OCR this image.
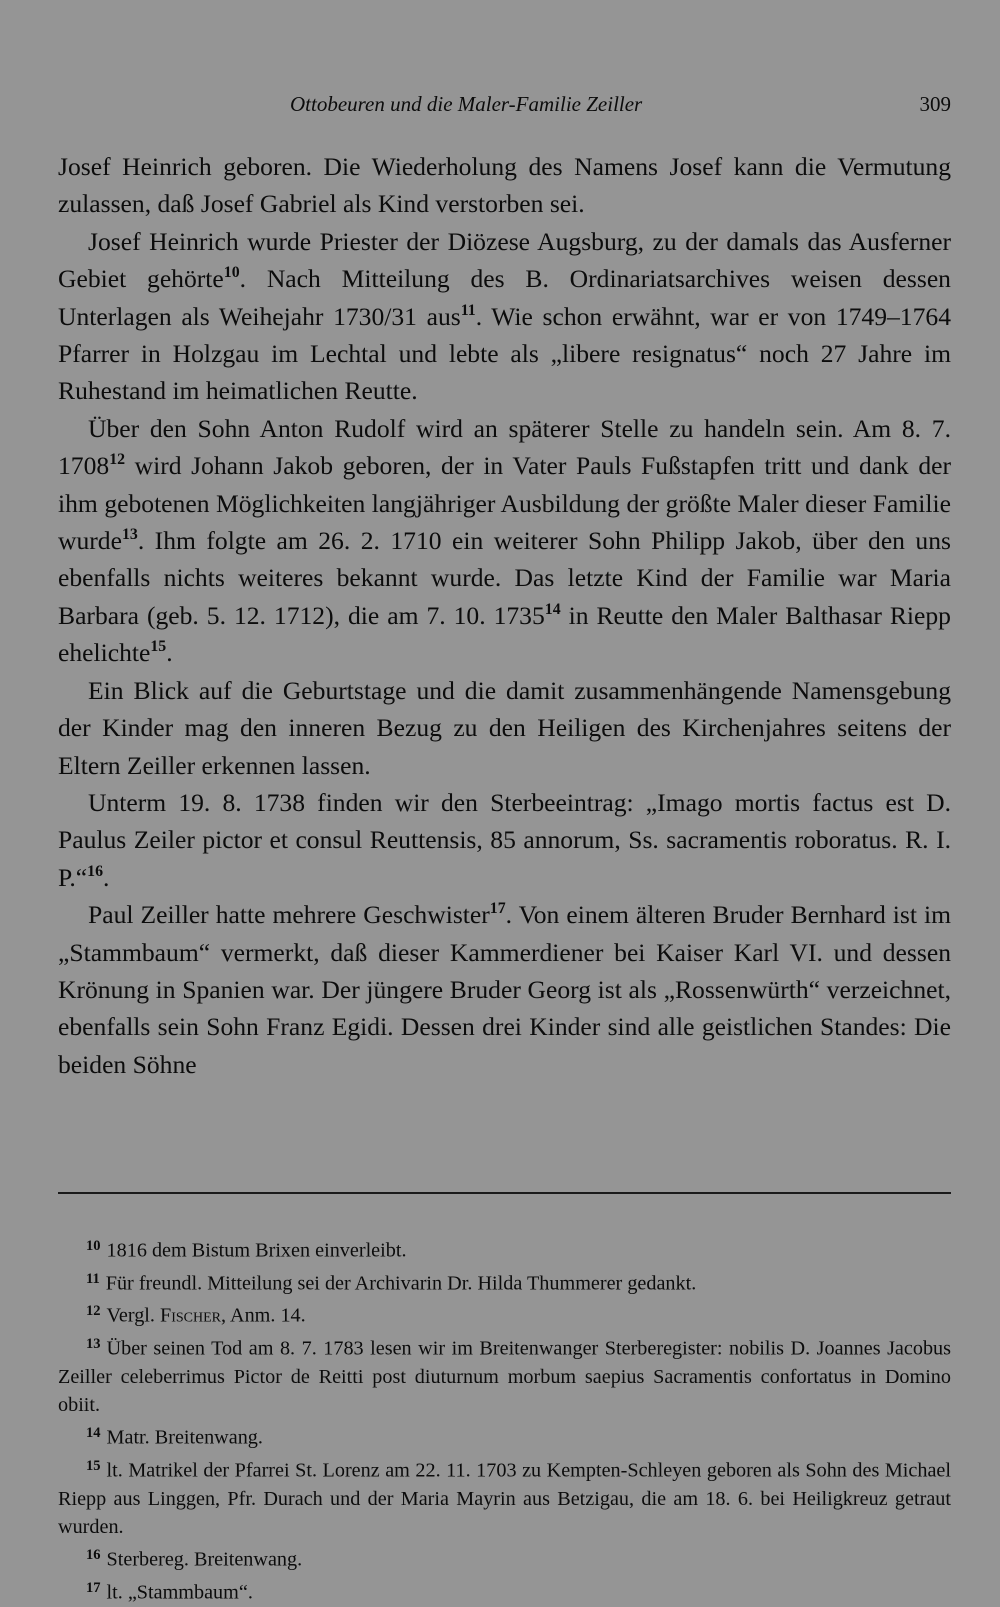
Ottobeuren und die Maler-Familie Zeiller	309

Josef Heinrich geboren. Die Wiederholung des Namens Josef kann die Vermutung zulassen, daß Josef Gabriel als Kind verstorben sei.

Josef Heinrich wurde Priester der Diözese Augsburg, zu der damals das Ausferner Gebiet gehörte$^{10}$. Nach Mitteilung des B. Ordinariatsarchives weisen dessen Unterlagen als Weihejahr 1730/31 aus$^{11}$. Wie schon erwähnt, war er von 1749–1764 Pfarrer in Holzgau im Lechtal und lebte als „libere resignatus“ noch 27 Jahre im Ruhestand im heimatlichen Reutte.

Über den Sohn Anton Rudolf wird an späterer Stelle zu handeln sein. Am 8. 7. 1708$^{12}$ wird Johann Jakob geboren, der in Vater Pauls Fußstapfen tritt und dank der ihm gebotenen Möglichkeiten langjähriger Ausbildung der größte Maler dieser Familie wurde$^{13}$. Ihm folgte am 26. 2. 1710 ein weiterer Sohn Philipp Jakob, über den uns ebenfalls nichts weiteres bekannt wurde. Das letzte Kind der Familie war Maria Barbara (geb. 5. 12. 1712), die am 7. 10. 1735$^{14}$ in Reutte den Maler Balthasar Riepp ehelichte$^{15}$.

Ein Blick auf die Geburtstage und die damit zusammenhängende Namensgebung der Kinder mag den inneren Bezug zu den Heiligen des Kirchenjahres seitens der Eltern Zeiller erkennen lassen.

Unterm 19. 8. 1738 finden wir den Sterbeeintrag: „Imago mortis factus est D. Paulus Zeiler pictor et consul Reuttensis, 85 annorum, Ss. sacramentis roboratus. R. I. P.“$^{16}$.

Paul Zeiller hatte mehrere Geschwister$^{17}$. Von einem älteren Bruder Bernhard ist im „Stammbaum“ vermerkt, daß dieser Kammerdiener bei Kaiser Karl VI. und dessen Krönung in Spanien war. Der jüngere Bruder Georg ist als „Rossenwürth“ verzeichnet, ebenfalls sein Sohn Franz Egidi. Dessen drei Kinder sind alle geistlichen Standes: Die beiden Söhne

$^{10}$ 1816 dem Bistum Brixen einverleibt.

$^{11}$ Für freundl. Mitteilung sei der Archivarin Dr. Hilda Thummerer gedankt.

$^{12}$ Vergl. Fischer, Anm. 14.

$^{13}$ Über seinen Tod am 8. 7. 1783 lesen wir im Breitenwanger Sterberegister: nobilis D. Joannes Jacobus Zeiller celeberrimus Pictor de Reitti post diuturnum morbum saepius Sacramentis confortatus in Domino obiit.

$^{14}$ Matr. Breitenwang.

$^{15}$ lt. Matrikel der Pfarrei St. Lorenz am 22. 11. 1703 zu Kempten-Schleyen geboren als Sohn des Michael Riepp aus Linggen, Pfr. Durach und der Maria Mayrin aus Betzigau, die am 18. 6. bei Heiligkreuz getraut wurden.

$^{16}$ Sterbereg. Breitenwang.

$^{17}$ lt. „Stammbaum“.
